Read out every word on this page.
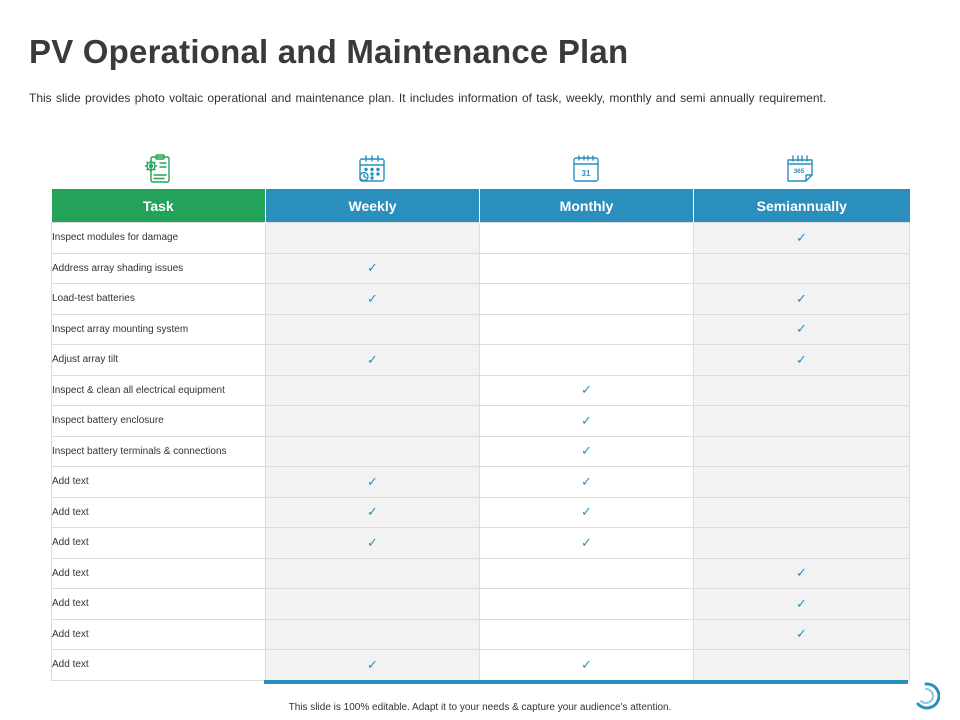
PV Operational and Maintenance Plan

This slide provides photo voltaic operational and maintenance plan. It includes information of task, weekly, monthly and semi annually requirement.

31	365
Task	Weekly	Monthly	Semiannually
Inspect modules for damage			✓
Address array shading issues	✓		
Load-test batteries	✓		✓
Inspect array mounting system			✓
Adjust array tilt	✓		✓
Inspect & clean all electrical equipment		✓	
Inspect battery enclosure		✓	
Inspect battery terminals & connections		✓	
Add text	✓	✓	
Add text	✓	✓	
Add text	✓	✓	
Add text			✓
Add text			✓
Add text			✓
Add text	✓	✓	

This slide is 100% editable. Adapt it to your needs & capture your audience's attention.
